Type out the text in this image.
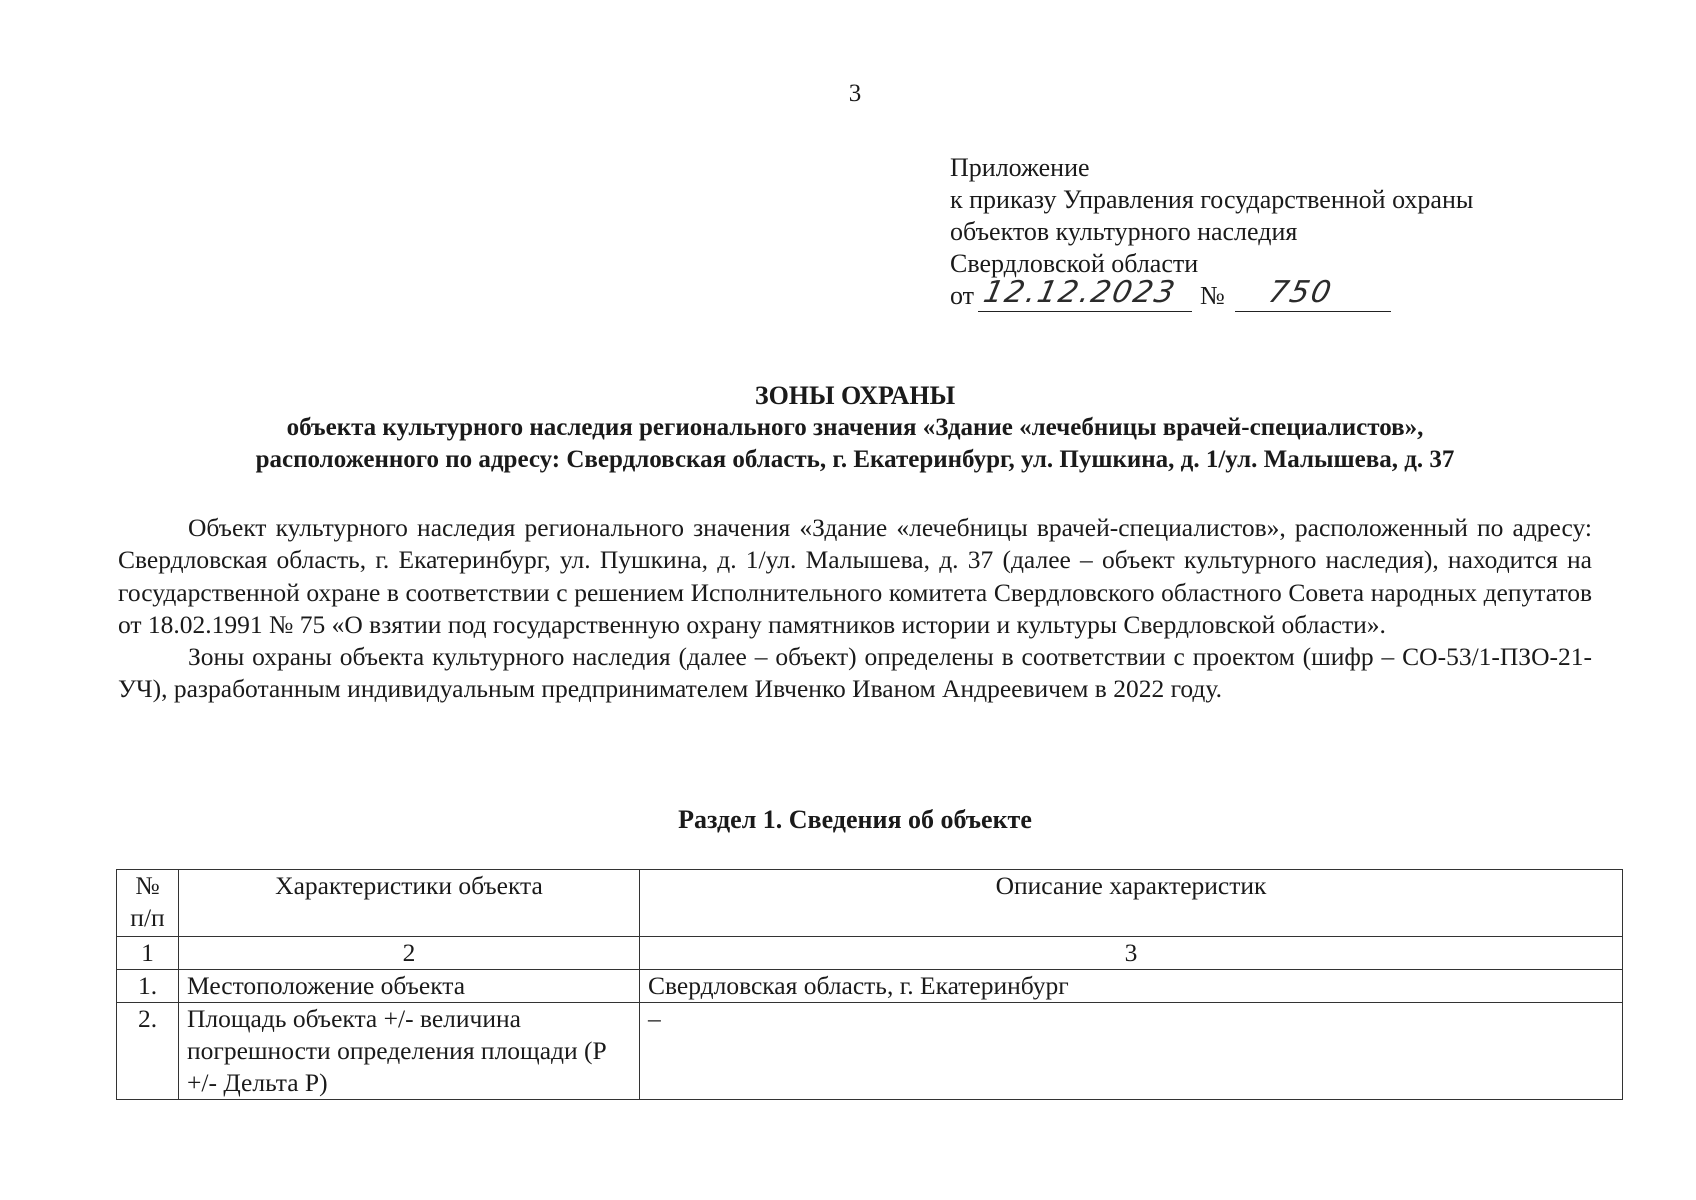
3
Приложение
к приказу Управления государственной охраны
объектов культурного наследия
Свердловской области
от 12.12.2023 № 750
ЗОНЫ ОХРАНЫ
объекта культурного наследия регионального значения «Здание «лечебницы врачей-специалистов»,
расположенного по адресу: Свердловская область, г. Екатеринбург, ул. Пушкина, д. 1/ул. Малышева, д. 37

Объект культурного наследия регионального значения «Здание «лечебницы врачей-специалистов», расположенный по адресу: Свердловская область, г. Екатеринбург, ул. Пушкина, д. 1/ул. Малышева, д. 37 (далее – объект культурного наследия), находится на государственной охране в соответствии с решением Исполнительного комитета Свердловского областного Совета народных депутатов от 18.02.1991 № 75 «О взятии под государственную охрану памятников истории и культуры Свердловской области».

Зоны охраны объекта культурного наследия (далее – объект) определены в соответствии с проектом (шифр – СО-53/1-ПЗО-21-УЧ), разработанным индивидуальным предпринимателем Ивченко Иваном Андреевичем в 2022 году.

Раздел 1. Сведения об объекте
№ п/п	Характеристики объекта	Описание характеристик
1	2	3
1.	Местоположение объекта	Свердловская область, г. Екатеринбург
2.	Площадь объекта +/- величина погрешности определения площади (Р +/- Дельта Р)	–
